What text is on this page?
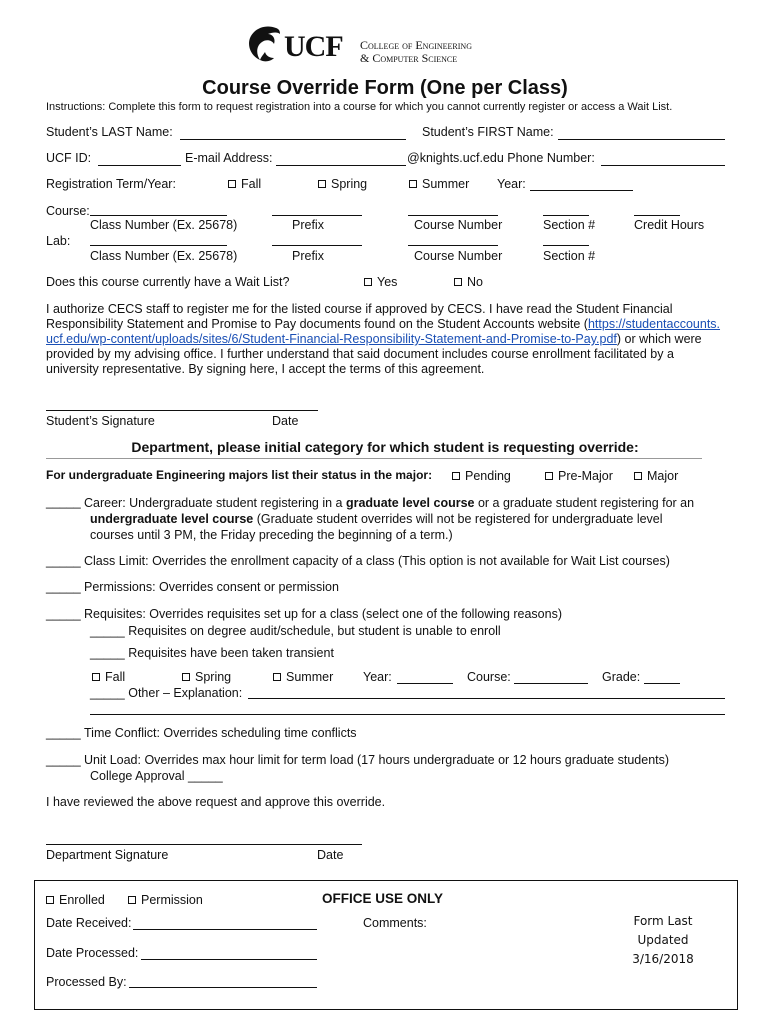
UCF College of Engineering
& Computer Science
Course Override Form (One per Class)
Instructions: Complete this form to request registration into a course for which you cannot currently register or access a Wait List.
Student’s LAST Name:	Student’s FIRST Name:
UCF ID:	E-mail Address:	@knights.ucf.edu Phone Number:
Registration Term/Year:	Fall	Spring	Summer Year:
Course:
Class Number (Ex. 25678)	Prefix	Course Number	Section #	Credit Hours
Lab:
Class Number (Ex. 25678)	Prefix	Course Number	Section #
Does this course currently have a Wait List?	Yes	No
I authorize CECS staff to register me for the listed course if approved by CECS. I have read the Student Financial Responsibility Statement and Promise to Pay documents found on the Student Accounts website (https://studentaccounts.ucf.edu/wp-content/uploads/sites/6/Student-Financial-Responsibility-Statement-and-Promise-to-Pay.pdf) or which were provided by my advising office. I further understand that said document includes course enrollment facilitated by a university representative. By signing here, I accept the terms of this agreement.
Student’s Signature	Date
Department, please initial category for which student is requesting override:
For undergraduate Engineering majors list their status in the major:	Pending	Pre-Major	Major
_____ Career: Undergraduate student registering in a graduate level course or a graduate student registering for an
undergraduate level course (Graduate student overrides will not be registered for undergraduate level
courses until 3 PM, the Friday preceding the beginning of a term.)
_____ Class Limit: Overrides the enrollment capacity of a class (This option is not available for Wait List courses)
_____ Permissions: Overrides consent or permission
_____ Requisites: Overrides requisites set up for a class (select one of the following reasons)
_____ Requisites on degree audit/schedule, but student is unable to enroll
_____ Requisites have been taken transient
Fall	Spring	Summer Year:	Course:	Grade:
_____ Other – Explanation:
_____ Time Conflict: Overrides scheduling time conflicts
_____ Unit Load: Overrides max hour limit for term load (17 hours undergraduate or 12 hours graduate students)
College Approval _____
I have reviewed the above request and approve this override.
Department Signature	Date
Enrolled	Permission	OFFICE USE ONLY
Date Received:	Comments:
Date Processed:
Processed By:
Form Last
Updated
3/16/2018
